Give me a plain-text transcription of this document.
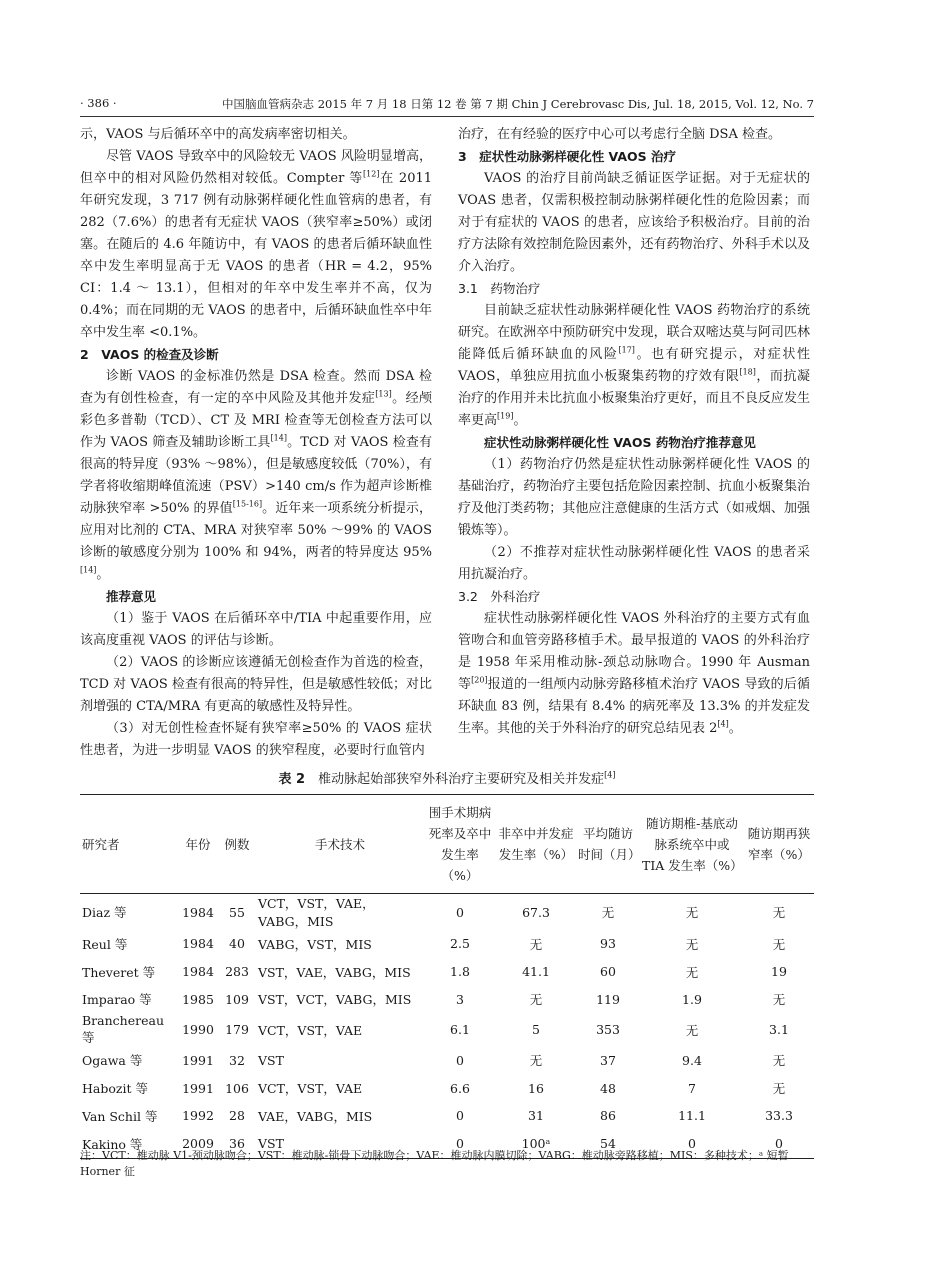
· 386 ·	中国脑血管病杂志 2015 年 7 月 18 日第 12 卷 第 7 期 Chin J Cerebrovasc Dis, Jul. 18, 2015, Vol. 12, No. 7

示，VAOS 与后循环卒中的高发病率密切相关。

尽管 VAOS 导致卒中的风险较无 VAOS 风险明显增高，但卒中的相对风险仍然相对较低。Compter 等[12]在 2011 年研究发现，3 717 例有动脉粥样硬化性血管病的患者，有 282（7.6%）的患者有无症状 VAOS（狭窄率≥50%）或闭塞。在随后的 4.6 年随访中，有 VAOS 的患者后循环缺血性卒中发生率明显高于无 VAOS 的患者（HR = 4.2，95% CI：1.4 ～ 13.1），但相对的年卒中发生率并不高，仅为 0.4%；而在同期的无 VAOS 的患者中，后循环缺血性卒中年卒中发生率 <0.1%。

2　VAOS 的检查及诊断

诊断 VAOS 的金标准仍然是 DSA 检查。然而 DSA 检查为有创性检查，有一定的卒中风险及其他并发症[13]。经颅彩色多普勒（TCD）、CT 及 MRI 检查等无创检查方法可以作为 VAOS 筛查及辅助诊断工具[14]。TCD 对 VAOS 检查有很高的特异度（93% ～98%），但是敏感度较低（70%），有学者将收缩期峰值流速（PSV）>140 cm/s 作为超声诊断椎动脉狭窄率 >50% 的界值[15-16]。近年来一项系统分析提示，应用对比剂的 CTA、MRA 对狭窄率 50% ～99% 的 VAOS 诊断的敏感度分别为 100% 和 94%，两者的特异度达 95%[14]。

推荐意见

（1）鉴于 VAOS 在后循环卒中/TIA 中起重要作用，应该高度重视 VAOS 的评估与诊断。

（2）VAOS 的诊断应该遵循无创检查作为首选的检查，TCD 对 VAOS 检查有很高的特异性，但是敏感性较低；对比剂增强的 CTA/MRA 有更高的敏感性及特异性。

（3）对无创性检查怀疑有狭窄率≥50% 的 VAOS 症状性患者，为进一步明显 VAOS 的狭窄程度，必要时行血管内

治疗，在有经验的医疗中心可以考虑行全脑 DSA 检查。

3　症状性动脉粥样硬化性 VAOS 治疗

VAOS 的治疗目前尚缺乏循证医学证据。对于无症状的 VOAS 患者，仅需积极控制动脉粥样硬化性的危险因素；而对于有症状的 VAOS 的患者，应该给予积极治疗。目前的治疗方法除有效控制危险因素外，还有药物治疗、外科手术以及介入治疗。

3.1　药物治疗

目前缺乏症状性动脉粥样硬化性 VAOS 药物治疗的系统研究。在欧洲卒中预防研究中发现，联合双嘧达莫与阿司匹林能降低后循环缺血的风险[17]。也有研究提示，对症状性 VAOS，单独应用抗血小板聚集药物的疗效有限[18]，而抗凝治疗的作用并未比抗血小板聚集治疗更好，而且不良反应发生率更高[19]。

症状性动脉粥样硬化性 VAOS 药物治疗推荐意见

（1）药物治疗仍然是症状性动脉粥样硬化性 VAOS 的基础治疗，药物治疗主要包括危险因素控制、抗血小板聚集治疗及他汀类药物；其他应注意健康的生活方式（如戒烟、加强锻炼等）。

（2）不推荐对症状性动脉粥样硬化性 VAOS 的患者采用抗凝治疗。

3.2　外科治疗

症状性动脉粥样硬化性 VAOS 外科治疗的主要方式有血管吻合和血管旁路移植手术。最早报道的 VAOS 的外科治疗是 1958 年采用椎动脉-颈总动脉吻合。1990 年 Ausman 等[20]报道的一组颅内动脉旁路移植术治疗 VAOS 导致的后循环缺血 83 例，结果有 8.4% 的病死率及 13.3% 的并发症发生率。其他的关于外科治疗的研究总结见表 2[4]。

表 2　椎动脉起始部狭窄外科治疗主要研究及相关并发症[4]
研究者	年份	例数	手术技术	围手术期病死率及卒中发生率（%）	非卒中并发症发生率（%）	平均随访时间（月）	随访期椎-基底动脉系统卒中或 TIA 发生率（%）	随访期再狭窄率（%）
Diaz 等	1984	55	VCT，VST，VAE，VABG，MIS	0	67.3	无	无	无
Reul 等	1984	40	VABG，VST，MIS	2.5	无	93	无	无
Theveret 等	1984	283	VST，VAE，VABG，MIS	1.8	41.1	60	无	19
Imparao 等	1985	109	VST，VCT，VABG，MIS	3	无	119	1.9	无
Branchereau 等	1990	179	VCT，VST，VAE	6.1	5	353	无	3.1
Ogawa 等	1991	32	VST	0	无	37	9.4	无
Habozit 等	1991	106	VCT，VST，VAE	6.6	16	48	7	无
Van Schil 等	1992	28	VAE，VABG，MIS	0	31	86	11.1	33.3
Kakino 等	2009	36	VST	0	100ᵃ	54	0	0
注：VCT：椎动脉 V1-颈动脉吻合；VST：椎动脉-锁骨下动脉吻合；VAE：椎动脉内膜切除；VABG：椎动脉旁路移植；MIS：多种技术；ᵃ 短暂 Horner 征
